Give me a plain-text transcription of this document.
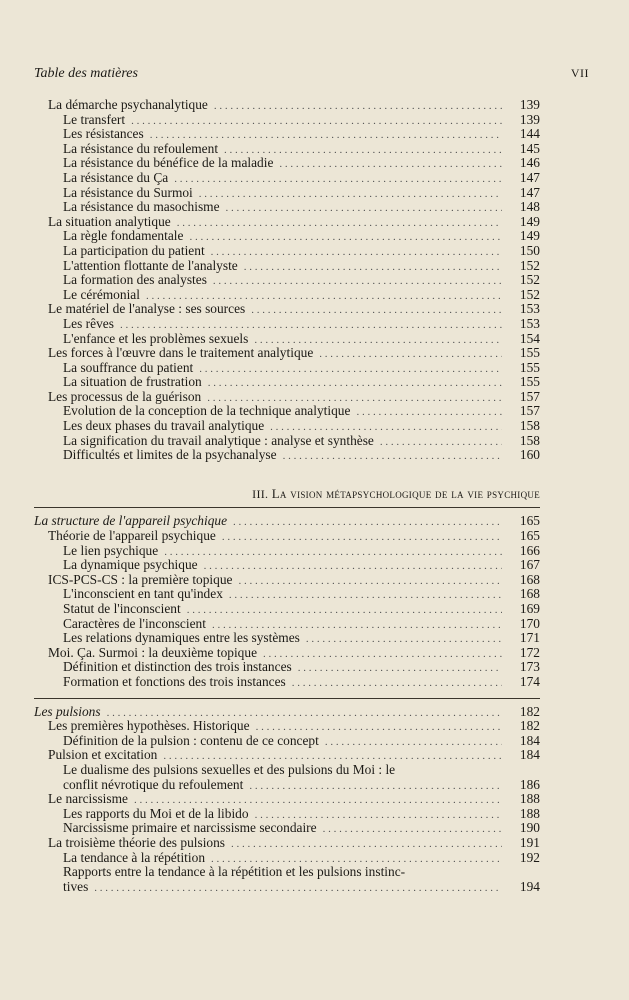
Table des matières	VII
La démarche psychanalytique . . .	139
Le transfert . . .	139
Les résistances . . .	144
La résistance du refoulement . . .	145
La résistance du bénéfice de la maladie . . .	146
La résistance du Ça . . .	147
La résistance du Surmoi . . .	147
La résistance du masochisme . . .	148
La situation analytique . . .	149
La règle fondamentale . . .	149
La participation du patient . . .	150
L'attention flottante de l'analyste . . .	152
La formation des analystes . . .	152
Le cérémonial . . .	152
Le matériel de l'analyse : ses sources . . .	153
Les rêves . . .	153
L'enfance et les problèmes sexuels . . .	154
Les forces à l'œuvre dans le traitement analytique . . .	155
La souffrance du patient . . .	155
La situation de frustration . . .	155
Les processus de la guérison . . .	157
Evolution de la conception de la technique analytique . . .	157
Les deux phases du travail analytique . . .	158
La signification du travail analytique : analyse et synthèse . . .	158
Difficultés et limites de la psychanalyse . . .	160
III. La vision métapsychologique de la vie psychique
La structure de l'appareil psychique . . .	165
Théorie de l'appareil psychique . . .	165
Le lien psychique . . .	166
La dynamique psychique . . .	167
ICS-PCS-CS : la première topique . . .	168
L'inconscient en tant qu'index . . .	168
Statut de l'inconscient . . .	169
Caractères de l'inconscient . . .	170
Les relations dynamiques entre les systèmes . . .	171
Moi. Ça. Surmoi : la deuxième topique . . .	172
Définition et distinction des trois instances . . .	173
Formation et fonctions des trois instances . . .	174
Les pulsions . . .	182
Les premières hypothèses. Historique . . .	182
Définition de la pulsion : contenu de ce concept . . .	184
Pulsion et excitation . . .	184
Le dualisme des pulsions sexuelles et des pulsions du Moi : le
conflit névrotique du refoulement . . .	186
Le narcissisme . . .	188
Les rapports du Moi et de la libido . . .	188
Narcissisme primaire et narcissisme secondaire . . .	190
La troisième théorie des pulsions . . .	191
La tendance à la répétition . . .	192
Rapports entre la tendance à la répétition et les pulsions instinc-
tives . . .	194
